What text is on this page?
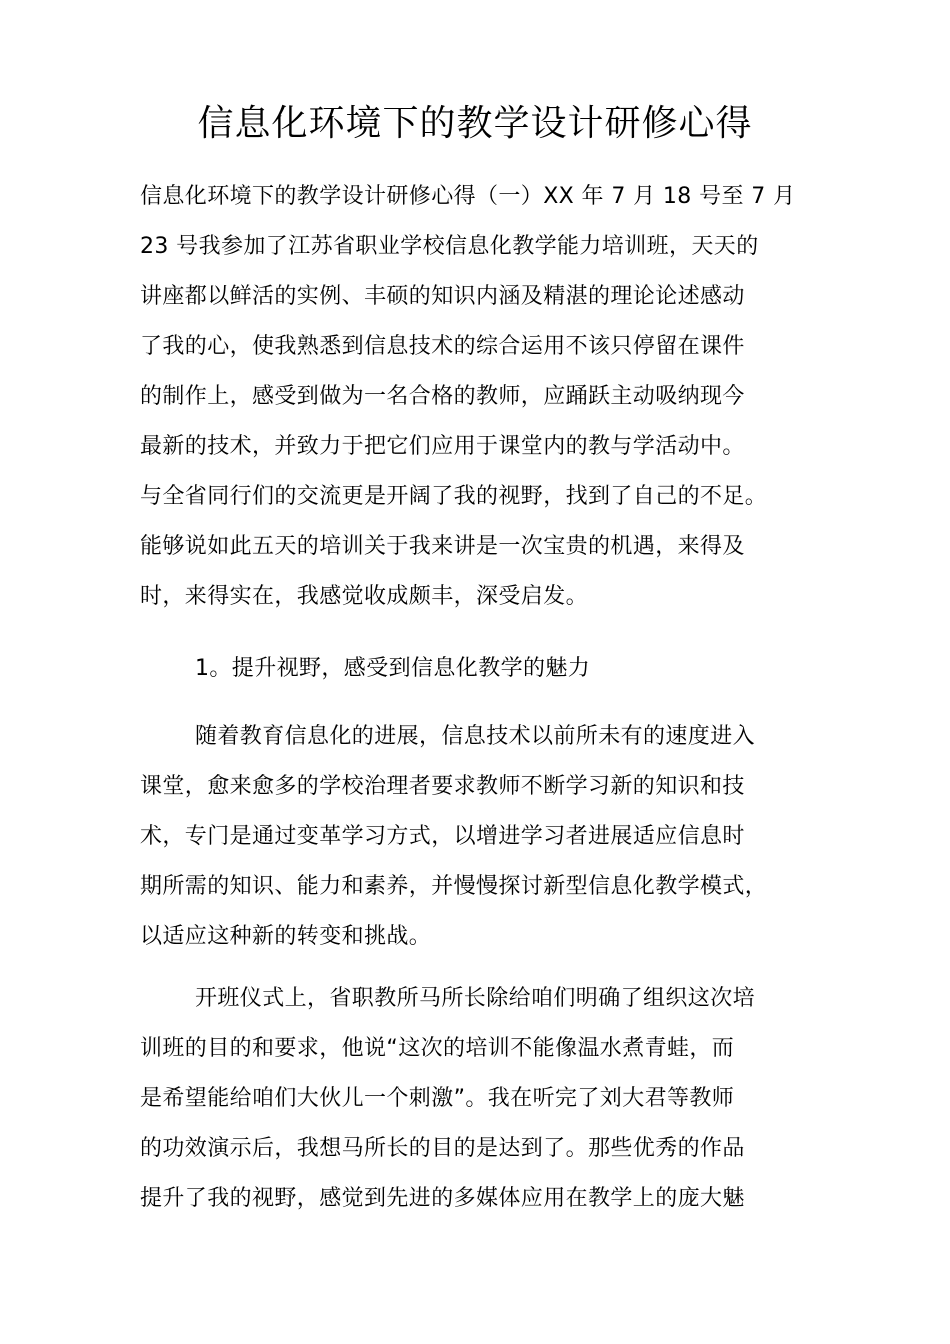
信息化环境下的教学设计研修心得
信息化环境下的教学设计研修心得（一）XX 年 7 月 18 号至 7 月
23 号我参加了江苏省职业学校信息化教学能力培训班，天天的
讲座都以鲜活的实例、丰硕的知识内涵及精湛的理论论述感动
了我的心，使我熟悉到信息技术的综合运用不该只停留在课件
的制作上，感受到做为一名合格的教师，应踊跃主动吸纳现今
最新的技术，并致力于把它们应用于课堂内的教与学活动中。
与全省同行们的交流更是开阔了我的视野，找到了自己的不足。
能够说如此五天的培训关于我来讲是一次宝贵的机遇，来得及
时，来得实在，我感觉收成颇丰，深受启发。
1。提升视野，感受到信息化教学的魅力
随着教育信息化的进展，信息技术以前所未有的速度进入
课堂，愈来愈多的学校治理者要求教师不断学习新的知识和技
术，专门是通过变革学习方式，以增进学习者进展适应信息时
期所需的知识、能力和素养，并慢慢探讨新型信息化教学模式，
以适应这种新的转变和挑战。
开班仪式上，省职教所马所长除给咱们明确了组织这次培
训班的目的和要求，他说“这次的培训不能像温水煮青蛙，而
是希望能给咱们大伙儿一个刺激”。我在听完了刘大君等教师
的功效演示后，我想马所长的目的是达到了。那些优秀的作品
提升了我的视野，感觉到先进的多媒体应用在教学上的庞大魅
